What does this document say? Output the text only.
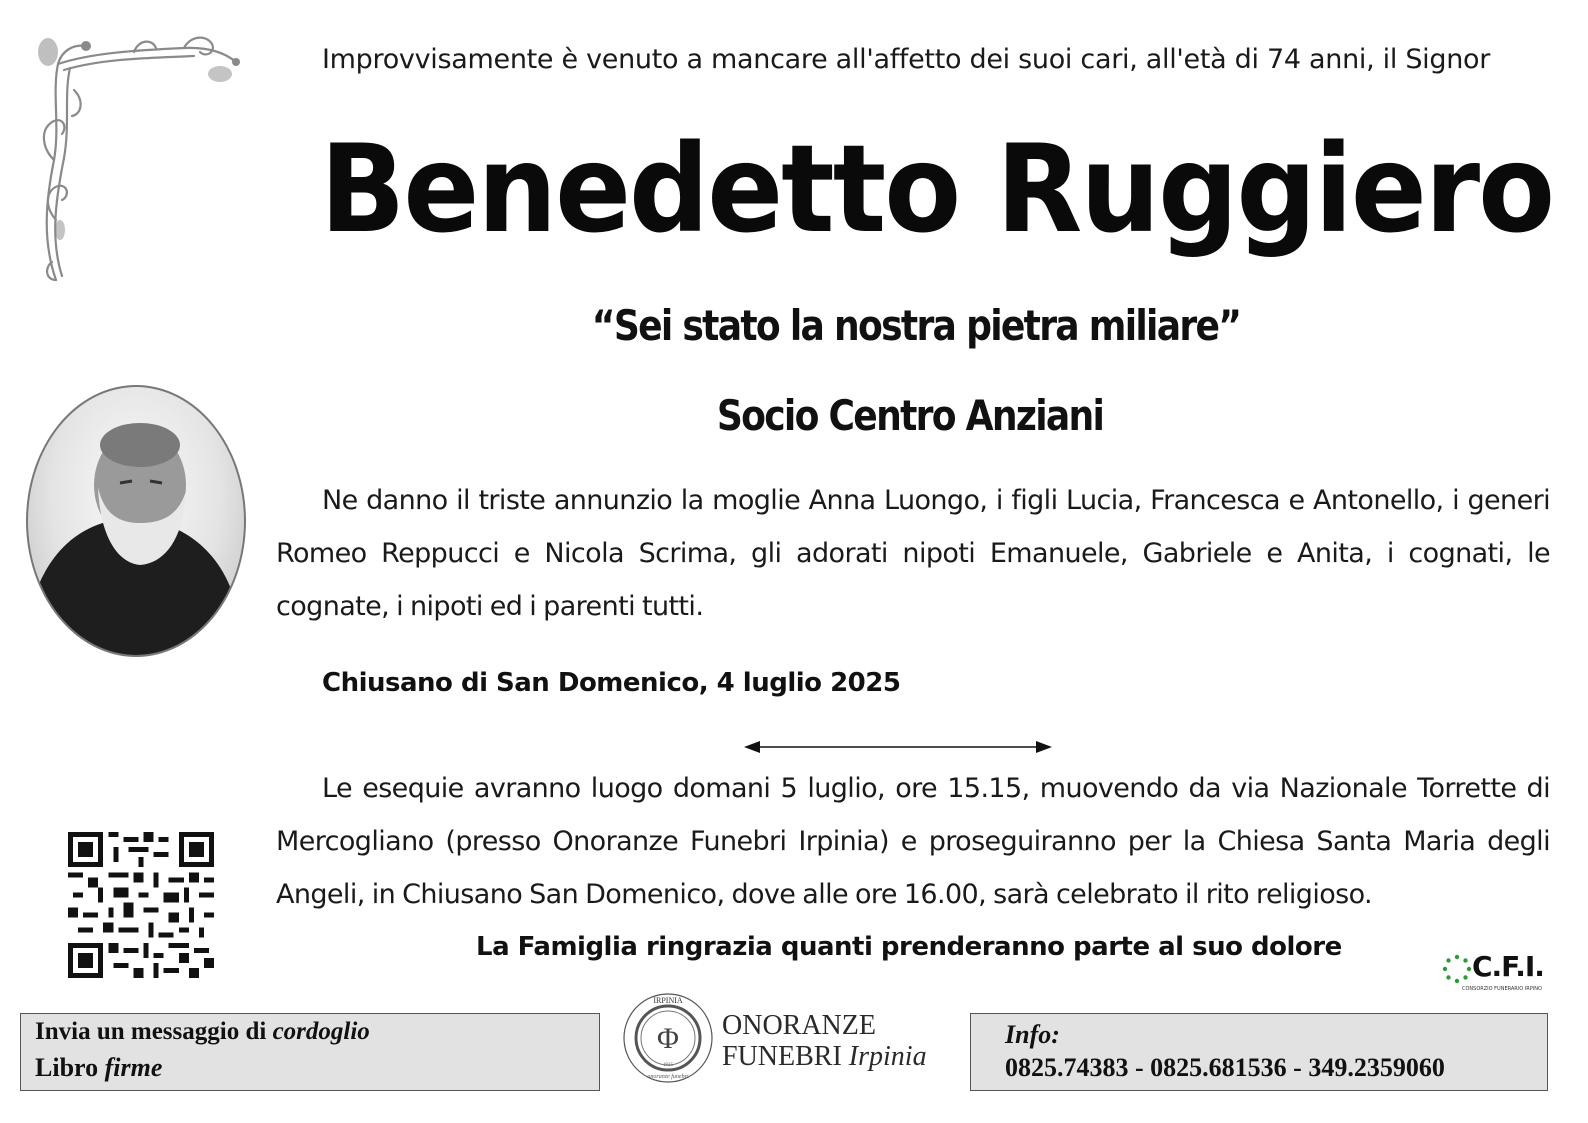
Improvvisamente è venuto a mancare all'affetto dei suoi cari, all'età di 74 anni, il Signor
Benedetto Ruggiero
“Sei stato la nostra pietra miliare”
Socio Centro Anziani
Ne danno il triste annunzio la moglie Anna Luongo, i figli Lucia, Francesca e Antonello, i generi Romeo Reppucci e Nicola Scrima, gli adorati nipoti Emanuele, Gabriele e Anita, i cognati, le cognate, i nipoti ed i parenti tutti.
Chiusano di San Domenico, 4 luglio 2025
Le esequie avranno luogo domani 5 luglio, ore 15.15, muovendo da via Nazionale Torrette di Mercogliano (presso Onoranze Funebri Irpinia) e proseguiranno per la Chiesa Santa Maria degli Angeli, in Chiusano San Domenico, dove alle ore 16.00, sarà celebrato il rito religioso.
La Famiglia ringrazia quanti prenderanno parte al suo dolore
C.F.I.
CONSORZIO FUNERARIO IRPINO
Invia un messaggio di cordoglio
Libro firme
IRPINIA
Φ
1925
onoranze funebri
ONORANZE
FUNEBRI Irpinia
Info:
0825.74383 - 0825.681536 - 349.2359060
